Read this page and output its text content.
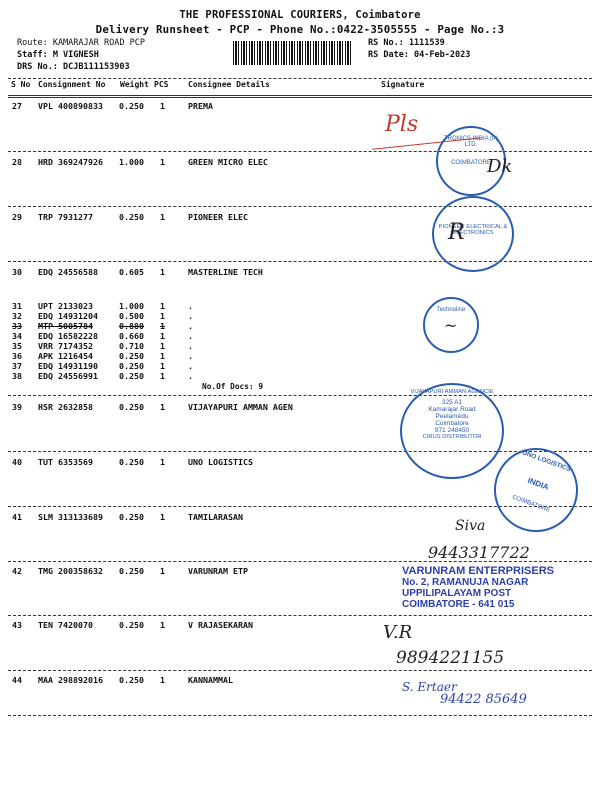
THE PROFESSIONAL COURIERS, Coimbatore
Delivery Runsheet - PCP - Phone No.:0422-3505555 - Page No.:3
Route: KAMARAJAR ROAD PCP
Staff: M VIGNESH
DRS No.: DCJB111153903
RS No.: 1111539
RS Date: 04-Feb-2023
S No Consignment No Weight PCS Consignee Details	Signature
27 VPL 400890833 0.250 1	PREMA
28 HRD 369247926 1.000 1	GREEN MICRO ELEC
29 TRP 7931277	0.250 1	PIONEER ELEC
30 EDQ 24556588	0.605 1	MASTERLINE TECH
31 UPT 2133023	1.000 1	.
32 EDQ 14931204	0.500 1	.
33 MTP 5005784	0.880 1	.
34 EDQ 16582228	0.660 1	.
35 VRR 7174352	0.710 1	.
36 APK 1216454	0.250 1	.
37 EDQ 14931190	0.250 1	.
38 EDQ 24556991	0.250 1	.
No.Of Docs: 9
39 HSR 2632858	0.250 1	VIJAYAPURI AMMAN AGEN
40 TUT 6353569	0.250 1	UNO LOGISTICS
41 SLM 313133689 0.250 1	TAMILARASAN
42 TMG 200358632 0.250 1	VARUNRAM ETP
43 TEN 7420070	0.250 1	V RAJASEKARAN
44 MAA 298892016 0.250 1	KANNAMMAL
Pls
TRONICS INDIA (P) LTD.
COIMBATORE
Dk
PIONEER ELECTRICAL & ELECTRONICS
R
Technoline
~
VIJAYAPURI AMMAN AGENCIE
325 A1
Kamarajar Road
Peelamedu
Coimbatore
971 248450
CIRUS DISTRIBUTOR
UNO LOGISTICS
INDIA
COIMBATORE
Siva
9443317722
VARUNRAM ENTERPRISERS
No. 2, RAMANUJA NAGAR
UPPILIPALAYAM POST
COIMBATORE - 641 015
V.R
9894221155
S. Ertaer
94422 85649
